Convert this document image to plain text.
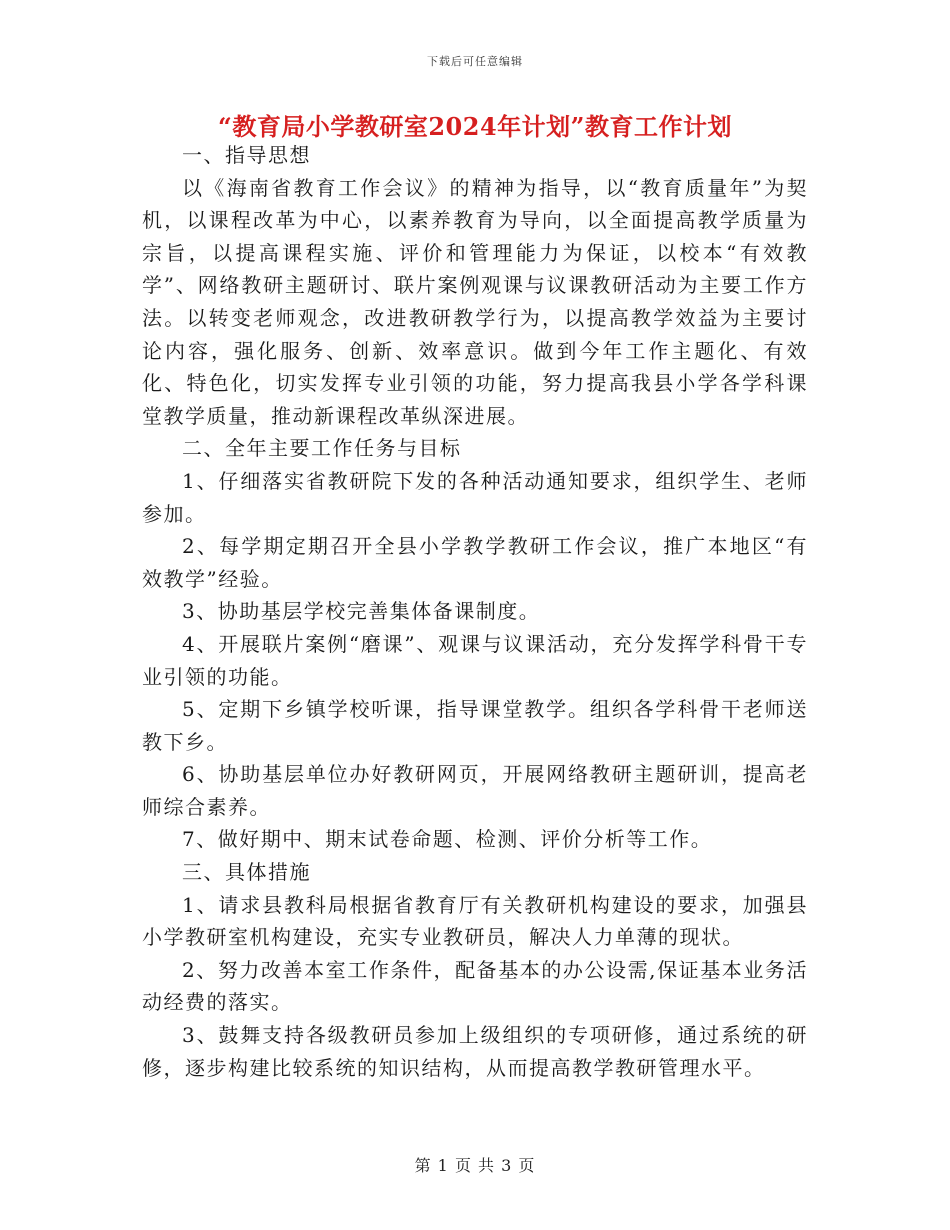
下载后可任意编辑
“教育局小学教研室2024年计划”教育工作计划

一、指导思想

以《海南省教育工作会议》的精神为指导，以“教育质量年”为契机，以课程改革为中心，以素养教育为导向，以全面提高教学质量为宗旨，以提高课程实施、评价和管理能力为保证，以校本“有效教学”、网络教研主题研讨、联片案例观课与议课教研活动为主要工作方法。以转变老师观念，改进教研教学行为，以提高教学效益为主要讨论内容，强化服务、创新、效率意识。做到今年工作主题化、有效化、特色化，切实发挥专业引领的功能，努力提高我县小学各学科课堂教学质量，推动新课程改革纵深进展。

二、全年主要工作任务与目标

1、仔细落实省教研院下发的各种活动通知要求，组织学生、老师参加。

2、每学期定期召开全县小学教学教研工作会议，推广本地区“有效教学”经验。

3、协助基层学校完善集体备课制度。

4、开展联片案例“磨课”、观课与议课活动，充分发挥学科骨干专业引领的功能。

5、定期下乡镇学校听课，指导课堂教学。组织各学科骨干老师送教下乡。

6、协助基层单位办好教研网页，开展网络教研主题研训，提高老师综合素养。

7、做好期中、期末试卷命题、检测、评价分析等工作。

三、具体措施

1、请求县教科局根据省教育厅有关教研机构建设的要求，加强县小学教研室机构建设，充实专业教研员，解决人力单薄的现状。

2、努力改善本室工作条件，配备基本的办公设需,保证基本业务活动经费的落实。

3、鼓舞支持各级教研员参加上级组织的专项研修，通过系统的研修，逐步构建比较系统的知识结构，从而提高教学教研管理水平。

第 1 页 共 3 页
